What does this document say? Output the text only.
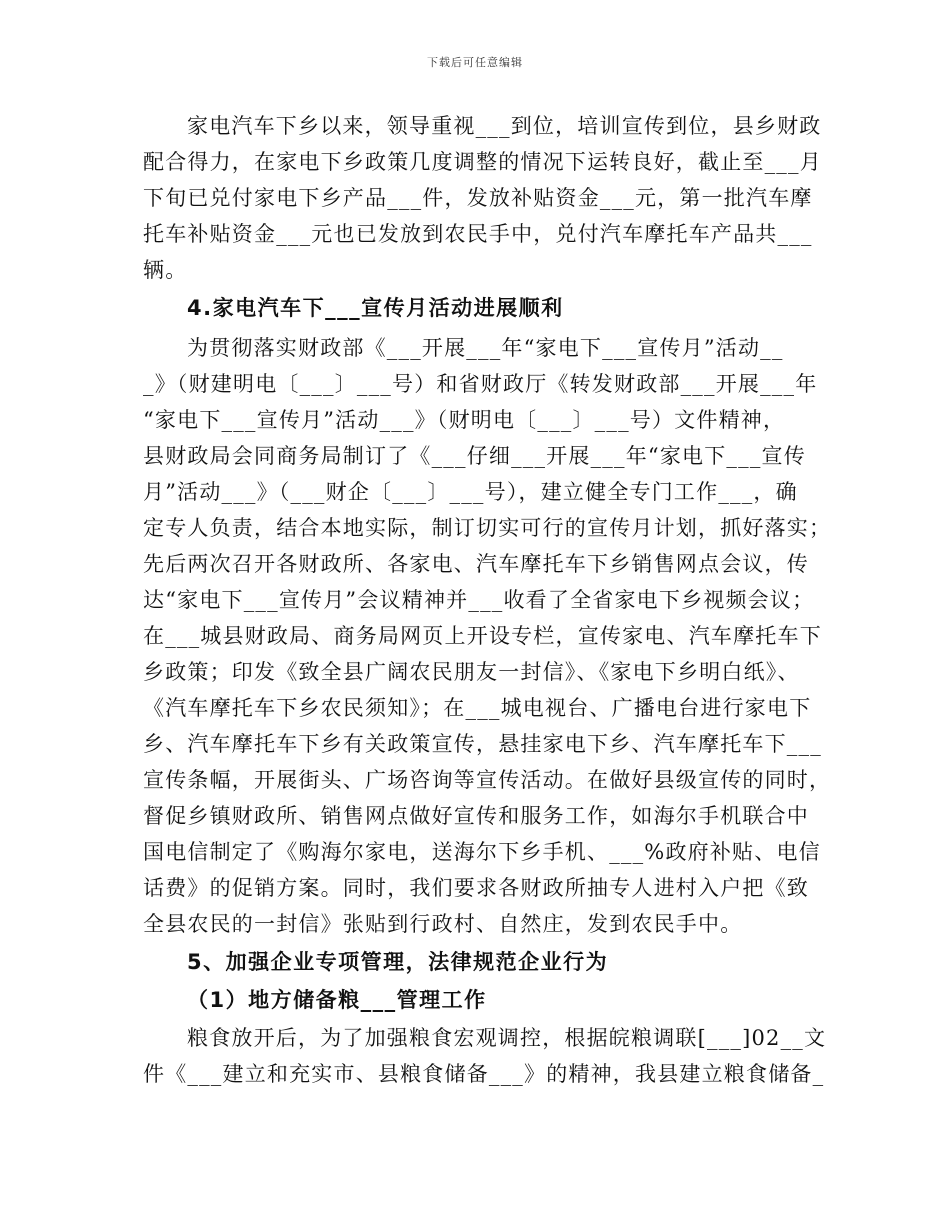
下载后可任意编辑
家电汽车下乡以来，领导重视___到位，培训宣传到位，县乡财政
配合得力，在家电下乡政策几度调整的情况下运转良好，截止至___月
下旬已兑付家电下乡产品___件，发放补贴资金___元，第一批汽车摩
托车补贴资金___元也已发放到农民手中，兑付汽车摩托车产品共___
辆。
4.家电汽车下___宣传月活动进展顺利
为贯彻落实财政部《___开展___年“家电下___宣传月”活动__
_》（财建明电〔___〕___号）和省财政厅《转发财政部___开展___年
“家电下___宣传月”活动___》（财明电〔___〕___号）文件精神，
县财政局会同商务局制订了《___仔细___开展___年“家电下___宣传
月”活动___》（___财企〔___〕___号），建立健全专门工作___，确
定专人负责，结合本地实际，制订切实可行的宣传月计划，抓好落实；
先后两次召开各财政所、各家电、汽车摩托车下乡销售网点会议，传
达“家电下___宣传月”会议精神并___收看了全省家电下乡视频会议；
在___城县财政局、商务局网页上开设专栏，宣传家电、汽车摩托车下
乡政策；印发《致全县广阔农民朋友一封信》、《家电下乡明白纸》、
《汽车摩托车下乡农民须知》；在___城电视台、广播电台进行家电下
乡、汽车摩托车下乡有关政策宣传，悬挂家电下乡、汽车摩托车下___
宣传条幅，开展街头、广场咨询等宣传活动。在做好县级宣传的同时，
督促乡镇财政所、销售网点做好宣传和服务工作，如海尔手机联合中
国电信制定了《购海尔家电，送海尔下乡手机、___%政府补贴、电信
话费》的促销方案。同时，我们要求各财政所抽专人进村入户把《致
全县农民的一封信》张贴到行政村、自然庄，发到农民手中。
5、加强企业专项管理，法律规范企业行为
（1）地方储备粮___管理工作
粮食放开后，为了加强粮食宏观调控，根据皖粮调联[___]02__文
件《___建立和充实市、县粮食储备___》的精神，我县建立粮食储备_
